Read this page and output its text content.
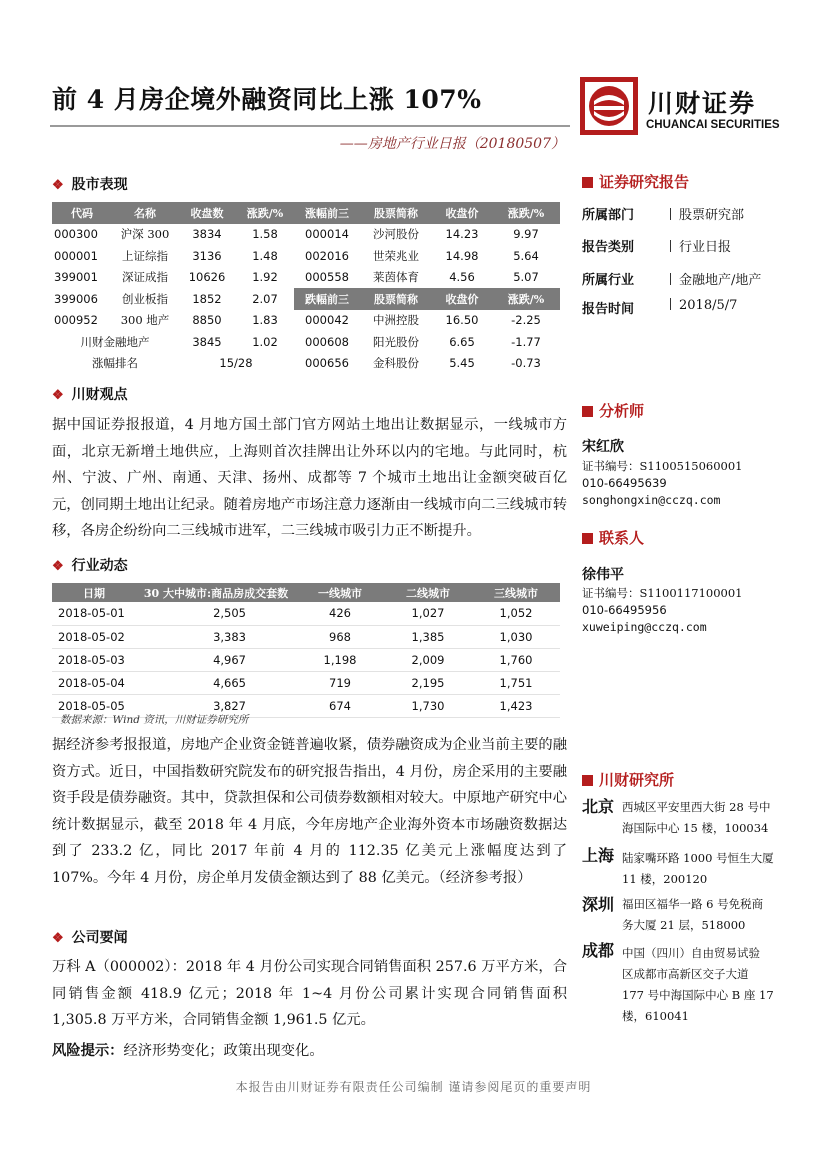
前 4 月房企境外融资同比上涨 107%
——房地产行业日报（20180507）
川财证券
CHUANCAI SECURITIES
❖ 股市表现
代码	名称	收盘数	涨跌/%	涨幅前三	股票简称	收盘价	涨跌/%
000300	沪深 300	3834	1.58	000014	沙河股份	14.23	9.97
000001	上证综指	3136	1.48	002016	世荣兆业	14.98	5.64
399001	深证成指	10626	1.92	000558	莱茵体育	4.56	5.07
399006	创业板指	1852	2.07	跌幅前三	股票简称	收盘价	涨跌/%
000952	300 地产	8850	1.83	000042	中洲控股	16.50	-2.25
川财金融地产		3845	1.02	000608	阳光股份	6.65	-1.77
涨幅排名		15/28		000656	金科股份	5.45	-0.73
❖ 川财观点
据中国证券报报道，4 月地方国土部门官方网站土地出让数据显示，一线城市方面，北京无新增土地供应，上海则首次挂牌出让外环以内的宅地。与此同时，杭州、宁波、广州、南通、天津、扬州、成都等 7 个城市土地出让金额突破百亿元，创同期土地出让纪录。随着房地产市场注意力逐渐由一线城市向二三线城市转移，各房企纷纷向二三线城市进军，二三线城市吸引力正不断提升。
❖ 行业动态
日期	30 大中城市:商品房成交套数	一线城市	二线城市	三线城市
2018-05-01	2,505	426	1,027	1,052
2018-05-02	3,383	968	1,385	1,030
2018-05-03	4,967	1,198	2,009	1,760
2018-05-04	4,665	719	2,195	1,751
2018-05-05	3,827	674	1,730	1,423
数据来源：Wind 资讯，川财证券研究所
据经济参考报报道，房地产企业资金链普遍收紧，债券融资成为企业当前主要的融资方式。近日，中国指数研究院发布的研究报告指出，4 月份，房企采用的主要融资手段是债券融资。其中，贷款担保和公司债券数额相对较大。中原地产研究中心统计数据显示，截至 2018 年 4 月底，今年房地产企业海外资本市场融资数据达到了 233.2 亿，同比 2017 年前 4 月的 112.35 亿美元上涨幅度达到了 107%。今年 4 月份，房企单月发债金额达到了 88 亿美元。（经济参考报）
❖ 公司要闻
万科 A（000002）：2018 年 4 月份公司实现合同销售面积 257.6 万平方米，合同销售金额 418.9 亿元；2018 年 1~4 月份公司累计实现合同销售面积 1,305.8 万平方米，合同销售金额 1,961.5 亿元。
风险提示：经济形势变化；政策出现变化。
证券研究报告
所属部门	股票研究部
报告类别	行业日报
所属行业	金融地产/地产
报告时间	2018/5/7
分析师
宋红欣
证书编号：S1100515060001
010-66495639
songhongxin@cczq.com
联系人
徐伟平
证书编号：S1100117100001
010-66495956
xuweiping@cczq.com
川财研究所
北京 西城区平安里西大街 28 号中
海国际中心 15 楼，100034
上海 陆家嘴环路 1000 号恒生大厦
11 楼，200120
深圳 福田区福华一路 6 号免税商
务大厦 21 层，518000
成都 中国（四川）自由贸易试验
区成都市高新区交子大道
177 号中海国际中心 B 座 17
楼，610041
本报告由川财证券有限责任公司编制 谨请参阅尾页的重要声明
